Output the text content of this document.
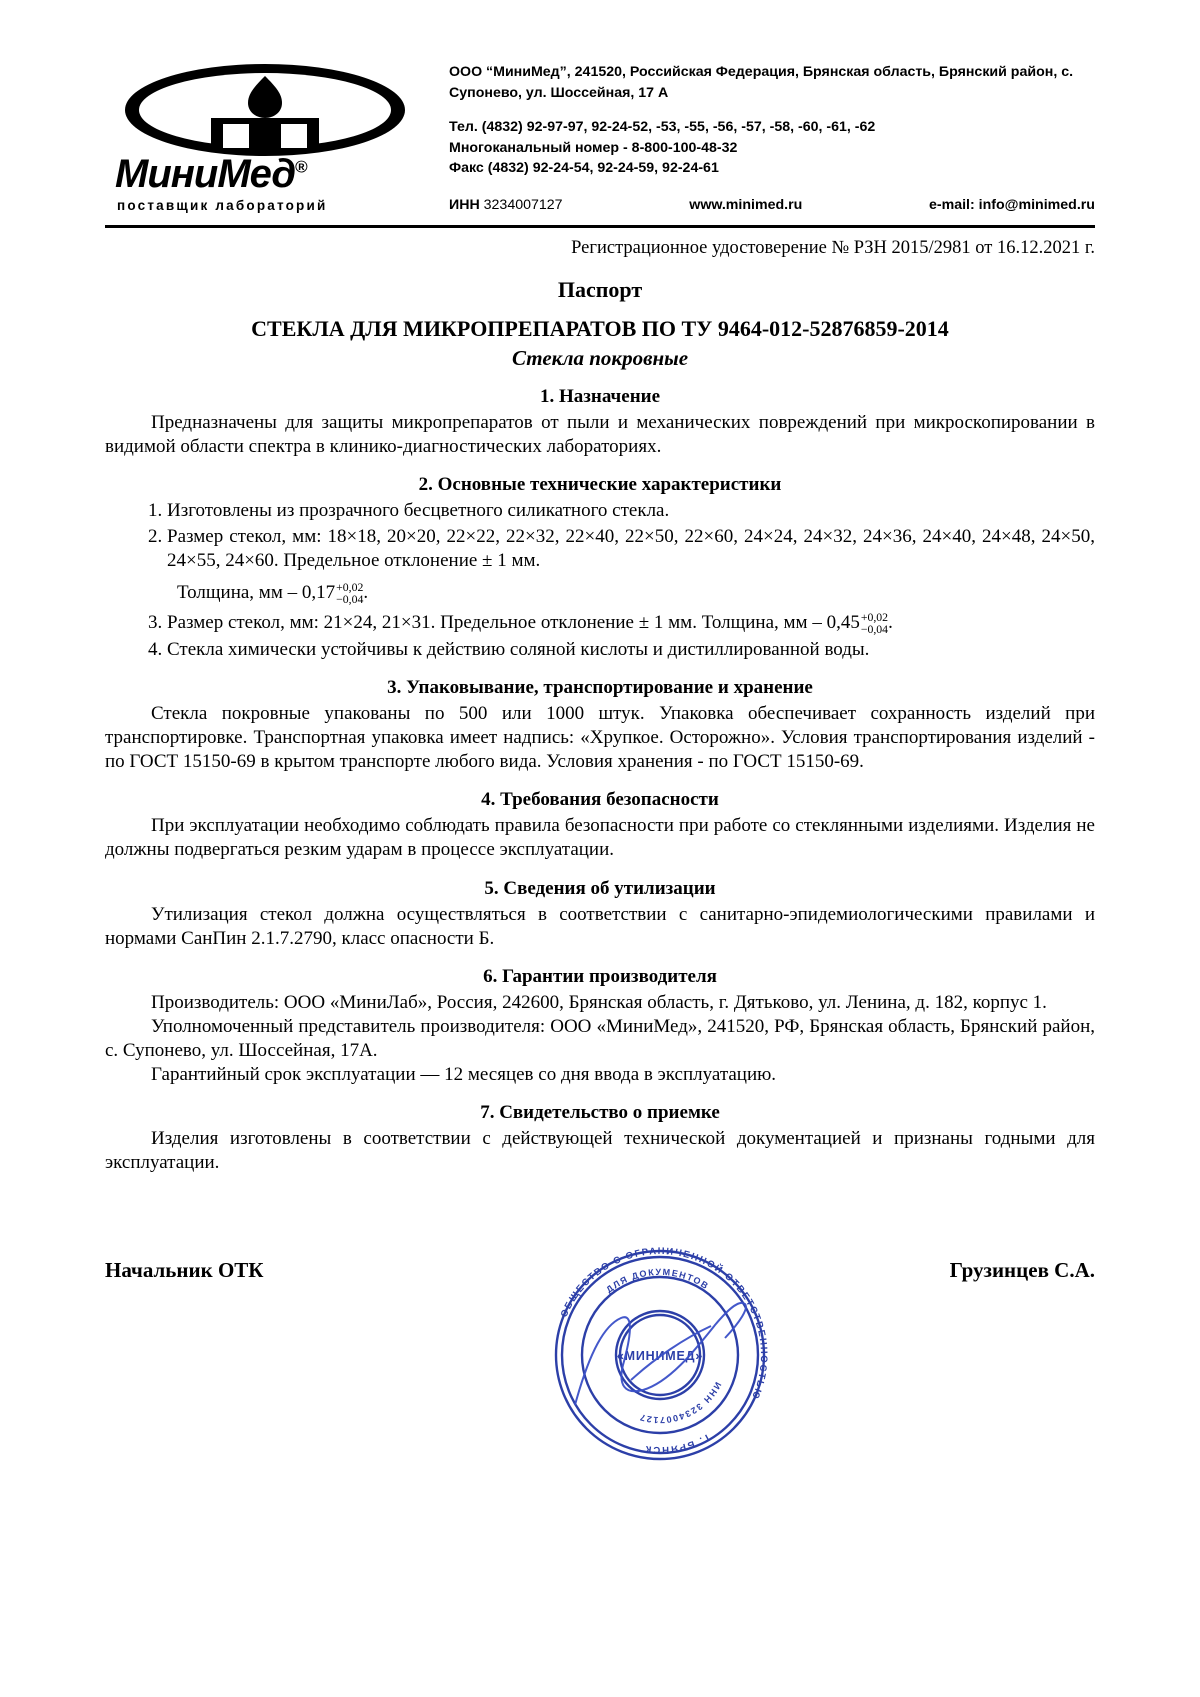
МиниМед®
поставщик лабораторий
ООО “МиниМед”, 241520, Российская Федерация, Брянская область, Брянский район, с. Супонево, ул. Шоссейная, 17 А
Тел. (4832) 92-97-97, 92-24-52, -53, -55, -56, -57, -58, -60, -61, -62
Многоканальный номер - 8-800-100-48-32
Факс (4832) 92-24-54, 92-24-59, 92-24-61
ИНН 3234007127	www.minimed.ru	e-mail: info@minimed.ru
Регистрационное удостоверение № РЗН 2015/2981 от 16.12.2021 г.
Паспорт
СТЕКЛА ДЛЯ МИКРОПРЕПАРАТОВ ПО ТУ 9464-012-52876859-2014
Стекла покровные
1. Назначение

Предназначены для защиты микропрепаратов от пыли и механических повреждений при микроскопировании в видимой области спектра в клинико-диагностических лабораториях.

2. Основные технические характеристики
1. Изготовлены из прозрачного бесцветного силикатного стекла.
2. Размер стекол, мм: 18×18, 20×20, 22×22, 22×32, 22×40, 22×50, 22×60, 24×24, 24×32, 24×36, 24×40, 24×48, 24×50, 24×55, 24×60. Предельное отклонение ± 1 мм.
Толщина, мм – 0,17 +0,02
−0,04 .
3. Размер стекол, мм: 21×24, 21×31. Предельное отклонение ± 1 мм. Толщина, мм – 0,45 +0,02
−0,04 .
4. Стекла химически устойчивы к действию соляной кислоты и дистиллированной воды.
3. Упаковывание, транспортирование и хранение

Стекла покровные упакованы по 500 или 1000 штук. Упаковка обеспечивает сохранность изделий при транспортировке. Транспортная упаковка имеет надпись: «Хрупкое. Осторожно». Условия транспортирования изделий - по ГОСТ 15150-69 в крытом транспорте любого вида. Условия хранения - по ГОСТ 15150-69.

4. Требования безопасности

При эксплуатации необходимо соблюдать правила безопасности при работе со стеклянными изделиями. Изделия не должны подвергаться резким ударам в процессе эксплуатации.

5. Сведения об утилизации

Утилизация стекол должна осуществляться в соответствии с санитарно-эпидемиологическими правилами и нормами СанПин 2.1.7.2790, класс опасности Б.

6. Гарантии производителя

Производитель: ООО «МиниЛаб», Россия, 242600, Брянская область, г. Дятьково, ул. Ленина, д. 182, корпус 1.

Уполномоченный представитель производителя: ООО «МиниМед», 241520, РФ, Брянская область, Брянский район, с. Супонево, ул. Шоссейная, 17А.

Гарантийный срок эксплуатации — 12 месяцев со дня ввода в эксплуатацию.

7. Свидетельство о приемке

Изделия изготовлены в соответствии с действующей технической документацией и признаны годными для эксплуатации.

Начальник ОТК	Грузинцев С.А.
ОБЩЕСТВО С ОГРАНИЧЕННОЙ ОТВЕТСТВЕННОСТЬЮ
ДЛЯ ДОКУМЕНТОВ
ИНН 3234007127
Г. БРЯНСК
«МИНИМЕД»
